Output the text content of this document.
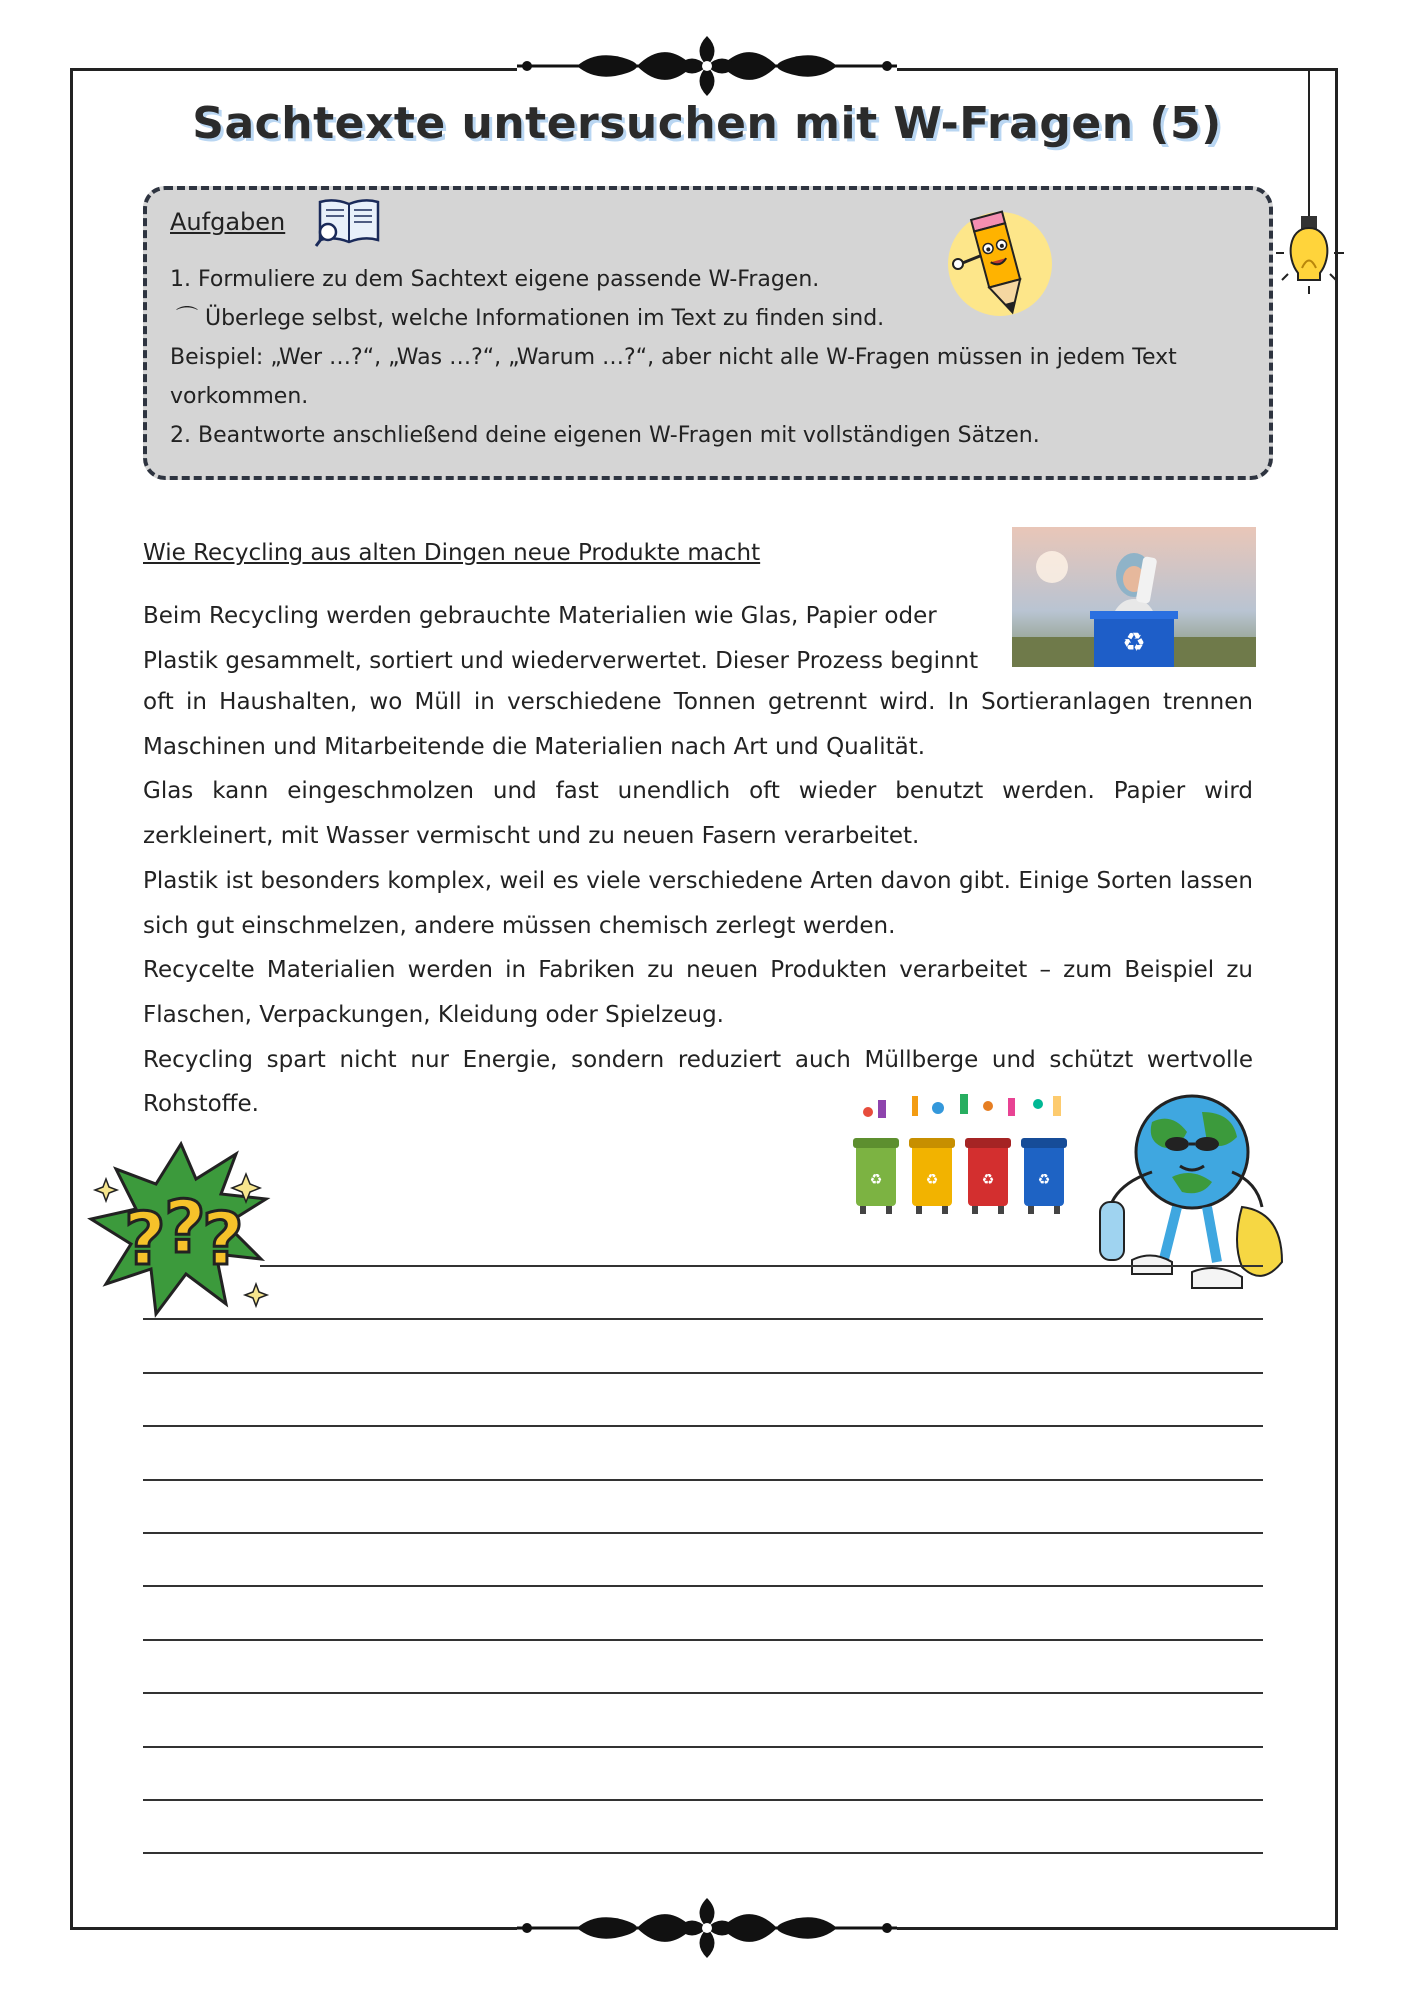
Sachtexte untersuchen mit W-Fragen (5)
Aufgaben
1. Formuliere zu dem Sachtext eigene passende W-Fragen.
⌒ Überlege selbst, welche Informationen im Text zu finden sind.
Beispiel: „Wer …?“, „Was …?“, „Warum …?“, aber nicht alle W-Fragen müssen in jedem Text
vorkommen.
2. Beantworte anschließend deine eigenen W-Fragen mit vollständigen Sätzen.
Wie Recycling aus alten Dingen neue Produkte macht
♻
Beim Recycling werden gebrauchte Materialien wie Glas, Papier oder
Plastik gesammelt, sortiert und wiederverwertet. Dieser Prozess beginnt

oft in Haushalten, wo Müll in verschiedene Tonnen getrennt wird. In Sortieranlagen trennen Maschinen und Mitarbeitende die Materialien nach Art und Qualität.

Glas kann eingeschmolzen und fast unendlich oft wieder benutzt werden. Papier wird zerkleinert, mit Wasser vermischt und zu neuen Fasern verarbeitet.

Plastik ist besonders komplex, weil es viele verschiedene Arten davon gibt. Einige Sorten lassen sich gut einschmelzen, andere müssen chemisch zerlegt werden.

Recycelte Materialien werden in Fabriken zu neuen Produkten verarbeitet – zum Beispiel zu Flaschen, Verpackungen, Kleidung oder Spielzeug.

Recycling spart nicht nur Energie, sondern reduziert auch Müllberge und schützt wertvolle Rohstoffe.

♻	♻	♻	♻
?
?
?
